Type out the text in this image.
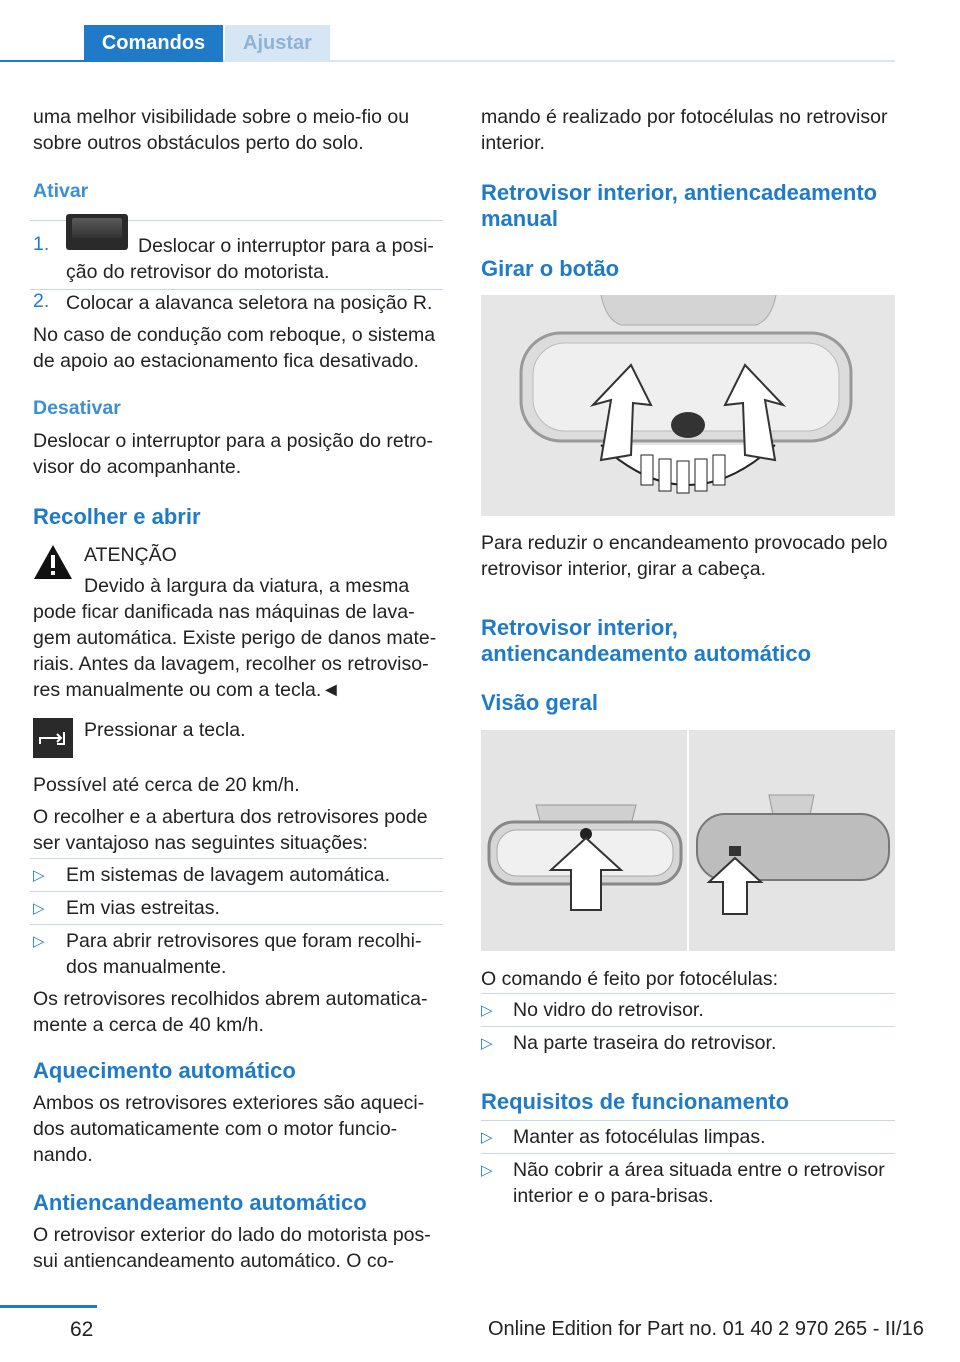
Comandos	Ajustar
uma melhor visibilidade sobre o meio-fio ou
sobre outros obstáculos perto do solo.
Ativar
1.	Deslocar o interruptor para a posi‐
ção do retrovisor do motorista.
2. Colocar a alavanca seletora na posição R.
No caso de condução com reboque, o sistema
de apoio ao estacionamento fica desativado.
Desativar
Deslocar o interruptor para a posição do retro‐
visor do acompanhante.
Recolher e abrir
ATENÇÃO
Devido à largura da viatura, a mesma
pode ficar danificada nas máquinas de lava‐
gem automática. Existe perigo de danos mate‐
riais. Antes da lavagem, recolher os retroviso‐
res manualmente ou com a tecla.◄
Pressionar a tecla.
Possível até cerca de 20 km/h.
O recolher e a abertura dos retrovisores pode
ser vantajoso nas seguintes situações:
▷ Em sistemas de lavagem automática.
▷ Em vias estreitas.
▷ Para abrir retrovisores que foram recolhi‐
dos manualmente.
Os retrovisores recolhidos abrem automatica‐
mente a cerca de 40 km/h.
Aquecimento automático
Ambos os retrovisores exteriores são aqueci‐
dos automaticamente com o motor funcio‐
nando.
Antiencandeamento automático
O retrovisor exterior do lado do motorista pos‐
sui antiencandeamento automático. O co‐
mando é realizado por fotocélulas no retrovisor
interior.
Retrovisor interior, antiencadeamento
manual
Girar o botão
Para reduzir o encandeamento provocado pelo
retrovisor interior, girar a cabeça.
Retrovisor interior,
antiencandeamento automático
Visão geral
O comando é feito por fotocélulas:
▷ No vidro do retrovisor.
▷ Na parte traseira do retrovisor.
Requisitos de funcionamento
▷ Manter as fotocélulas limpas.
▷ Não cobrir a área situada entre o retrovisor
interior e o para-brisas.
62	Online Edition for Part no. 01 40 2 970 265 - II/16
